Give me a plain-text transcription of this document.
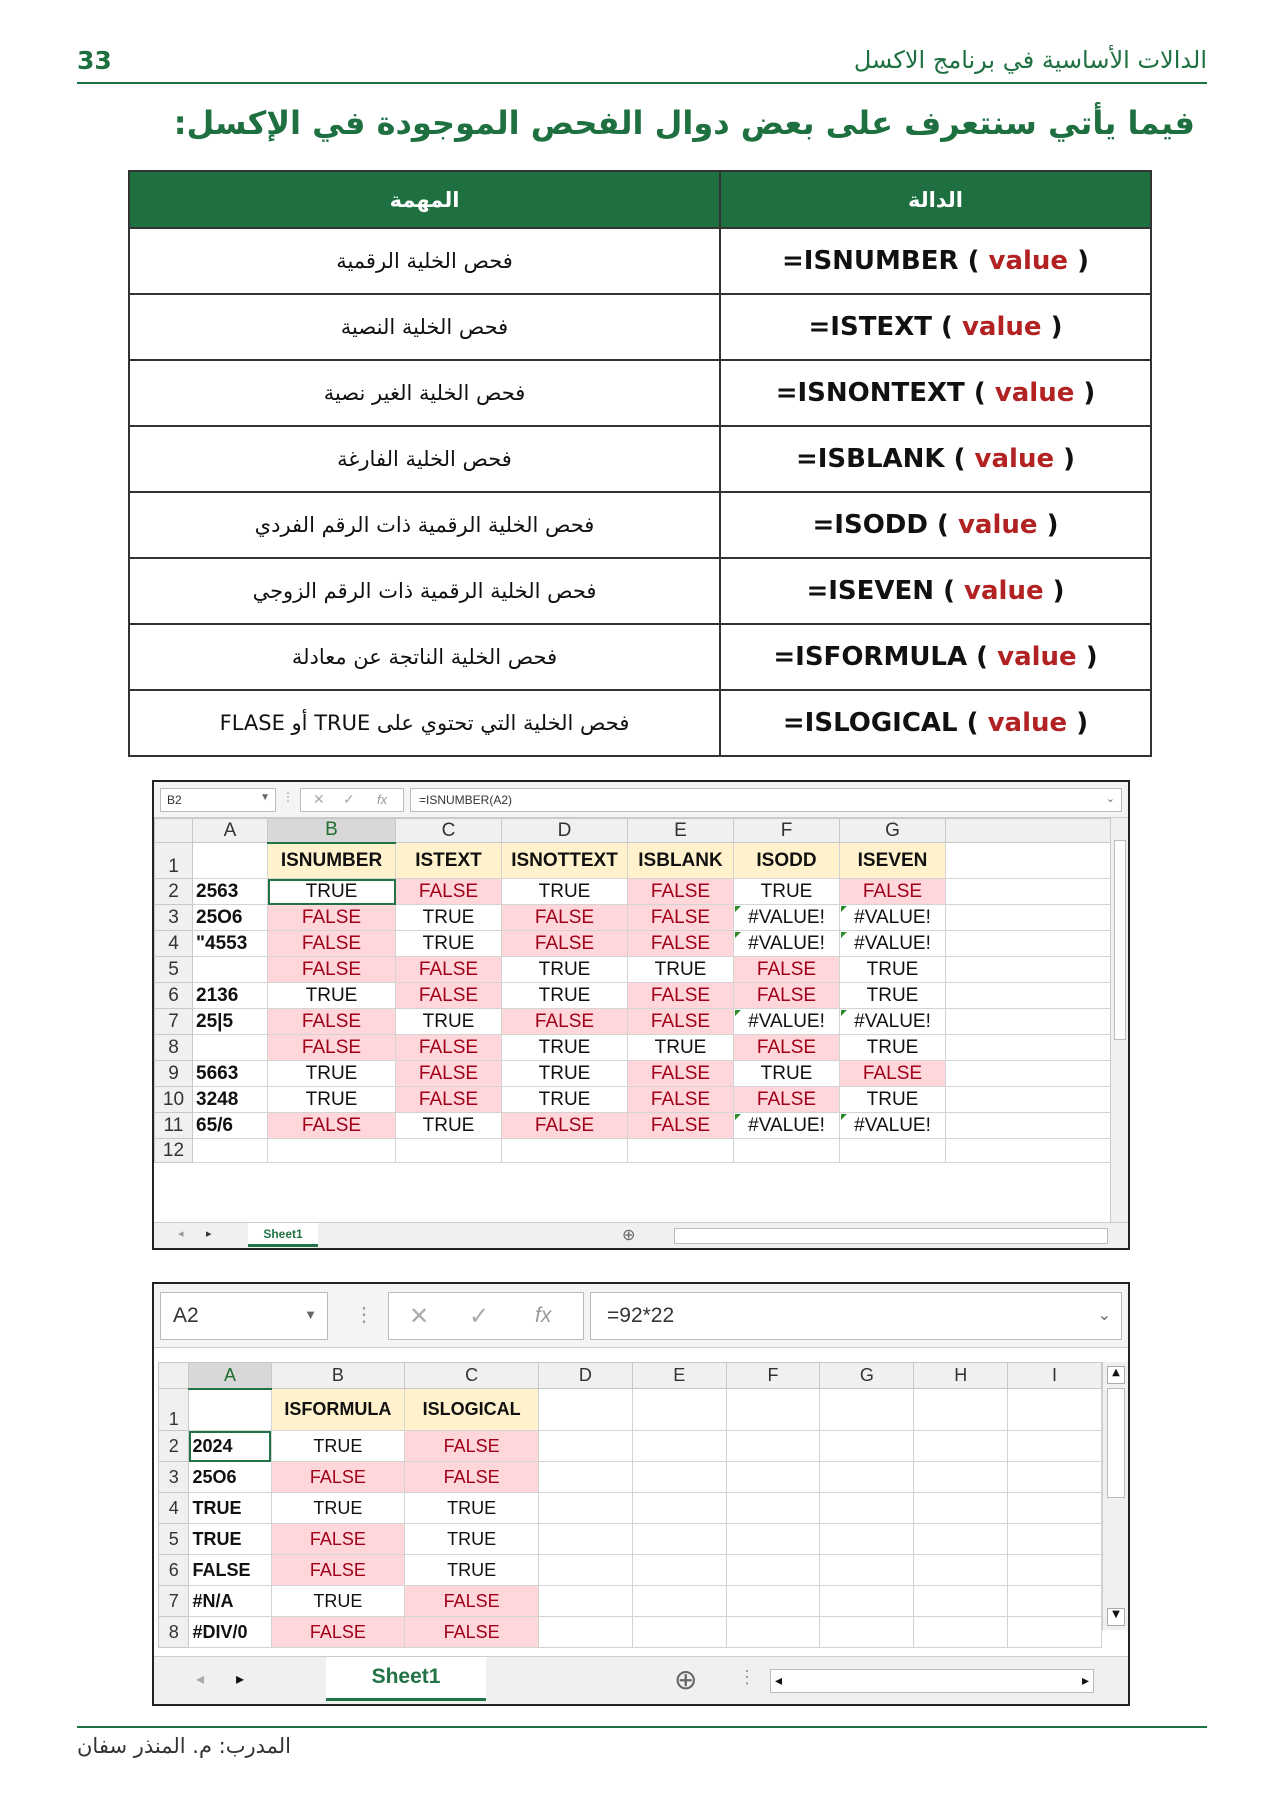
33	الدالات الأساسية في برنامج الاكسل
فيما يأتي سنتعرف على بعض دوال الفحص الموجودة في الإكسل:
المهمة	الدالة
فحص الخلية الرقمية	=ISNUMBER ( value )
فحص الخلية النصية	=ISTEXT ( value )
فحص الخلية الغير نصية	=ISNONTEXT ( value )
فحص الخلية الفارغة	=ISBLANK ( value )
فحص الخلية الرقمية ذات الرقم الفردي	=ISODD ( value )
فحص الخلية الرقمية ذات الرقم الزوجي	=ISEVEN ( value )
فحص الخلية الناتجة عن معادلة	=ISFORMULA ( value )
فحص الخلية التي تحتوي على TRUE أو FLASE	=ISLOGICAL ( value )
B2	▼ ⋮ ✕ ✓ fx	=ISNUMBER(A2)	⌄
	A	B	C	D	E	F	G	
1		ISNUMBER	ISTEXT	ISNOTTEXT	ISBLANK	ISODD	ISEVEN	
2	2563	TRUE	FALSE	TRUE	FALSE	TRUE	FALSE	
3	25O6	FALSE	TRUE	FALSE	FALSE	#VALUE!	#VALUE!	
4	"4553	FALSE	TRUE	FALSE	FALSE	#VALUE!	#VALUE!	
5		FALSE	FALSE	TRUE	TRUE	FALSE	TRUE	
6	2136	TRUE	FALSE	TRUE	FALSE	FALSE	TRUE	
7	25|5	FALSE	TRUE	FALSE	FALSE	#VALUE!	#VALUE!	
8		FALSE	FALSE	TRUE	TRUE	FALSE	TRUE	
9	5663	TRUE	FALSE	TRUE	FALSE	TRUE	FALSE	
10	3248	TRUE	FALSE	TRUE	FALSE	FALSE	TRUE	
11	65/6	FALSE	TRUE	FALSE	FALSE	#VALUE!	#VALUE!	
12								
◂ ▸	Sheet1	⊕
A2	▼ ⋮ ✕ ✓ fx	=92*22	⌄
	A	B	C	D	E	F	G	H	I
1		ISFORMULA	ISLOGICAL						
2	2024	TRUE	FALSE						
3	25O6	FALSE	FALSE						
4	TRUE	TRUE	TRUE						
5	TRUE	FALSE	TRUE						
6	FALSE	FALSE	TRUE						
7	#N/A	TRUE	FALSE						
8	#DIV/0	FALSE	FALSE						
▲
▼
◂ ▸	Sheet1	⊕ ⋮ ◂	▸
المدرب: م. المنذر سفان
